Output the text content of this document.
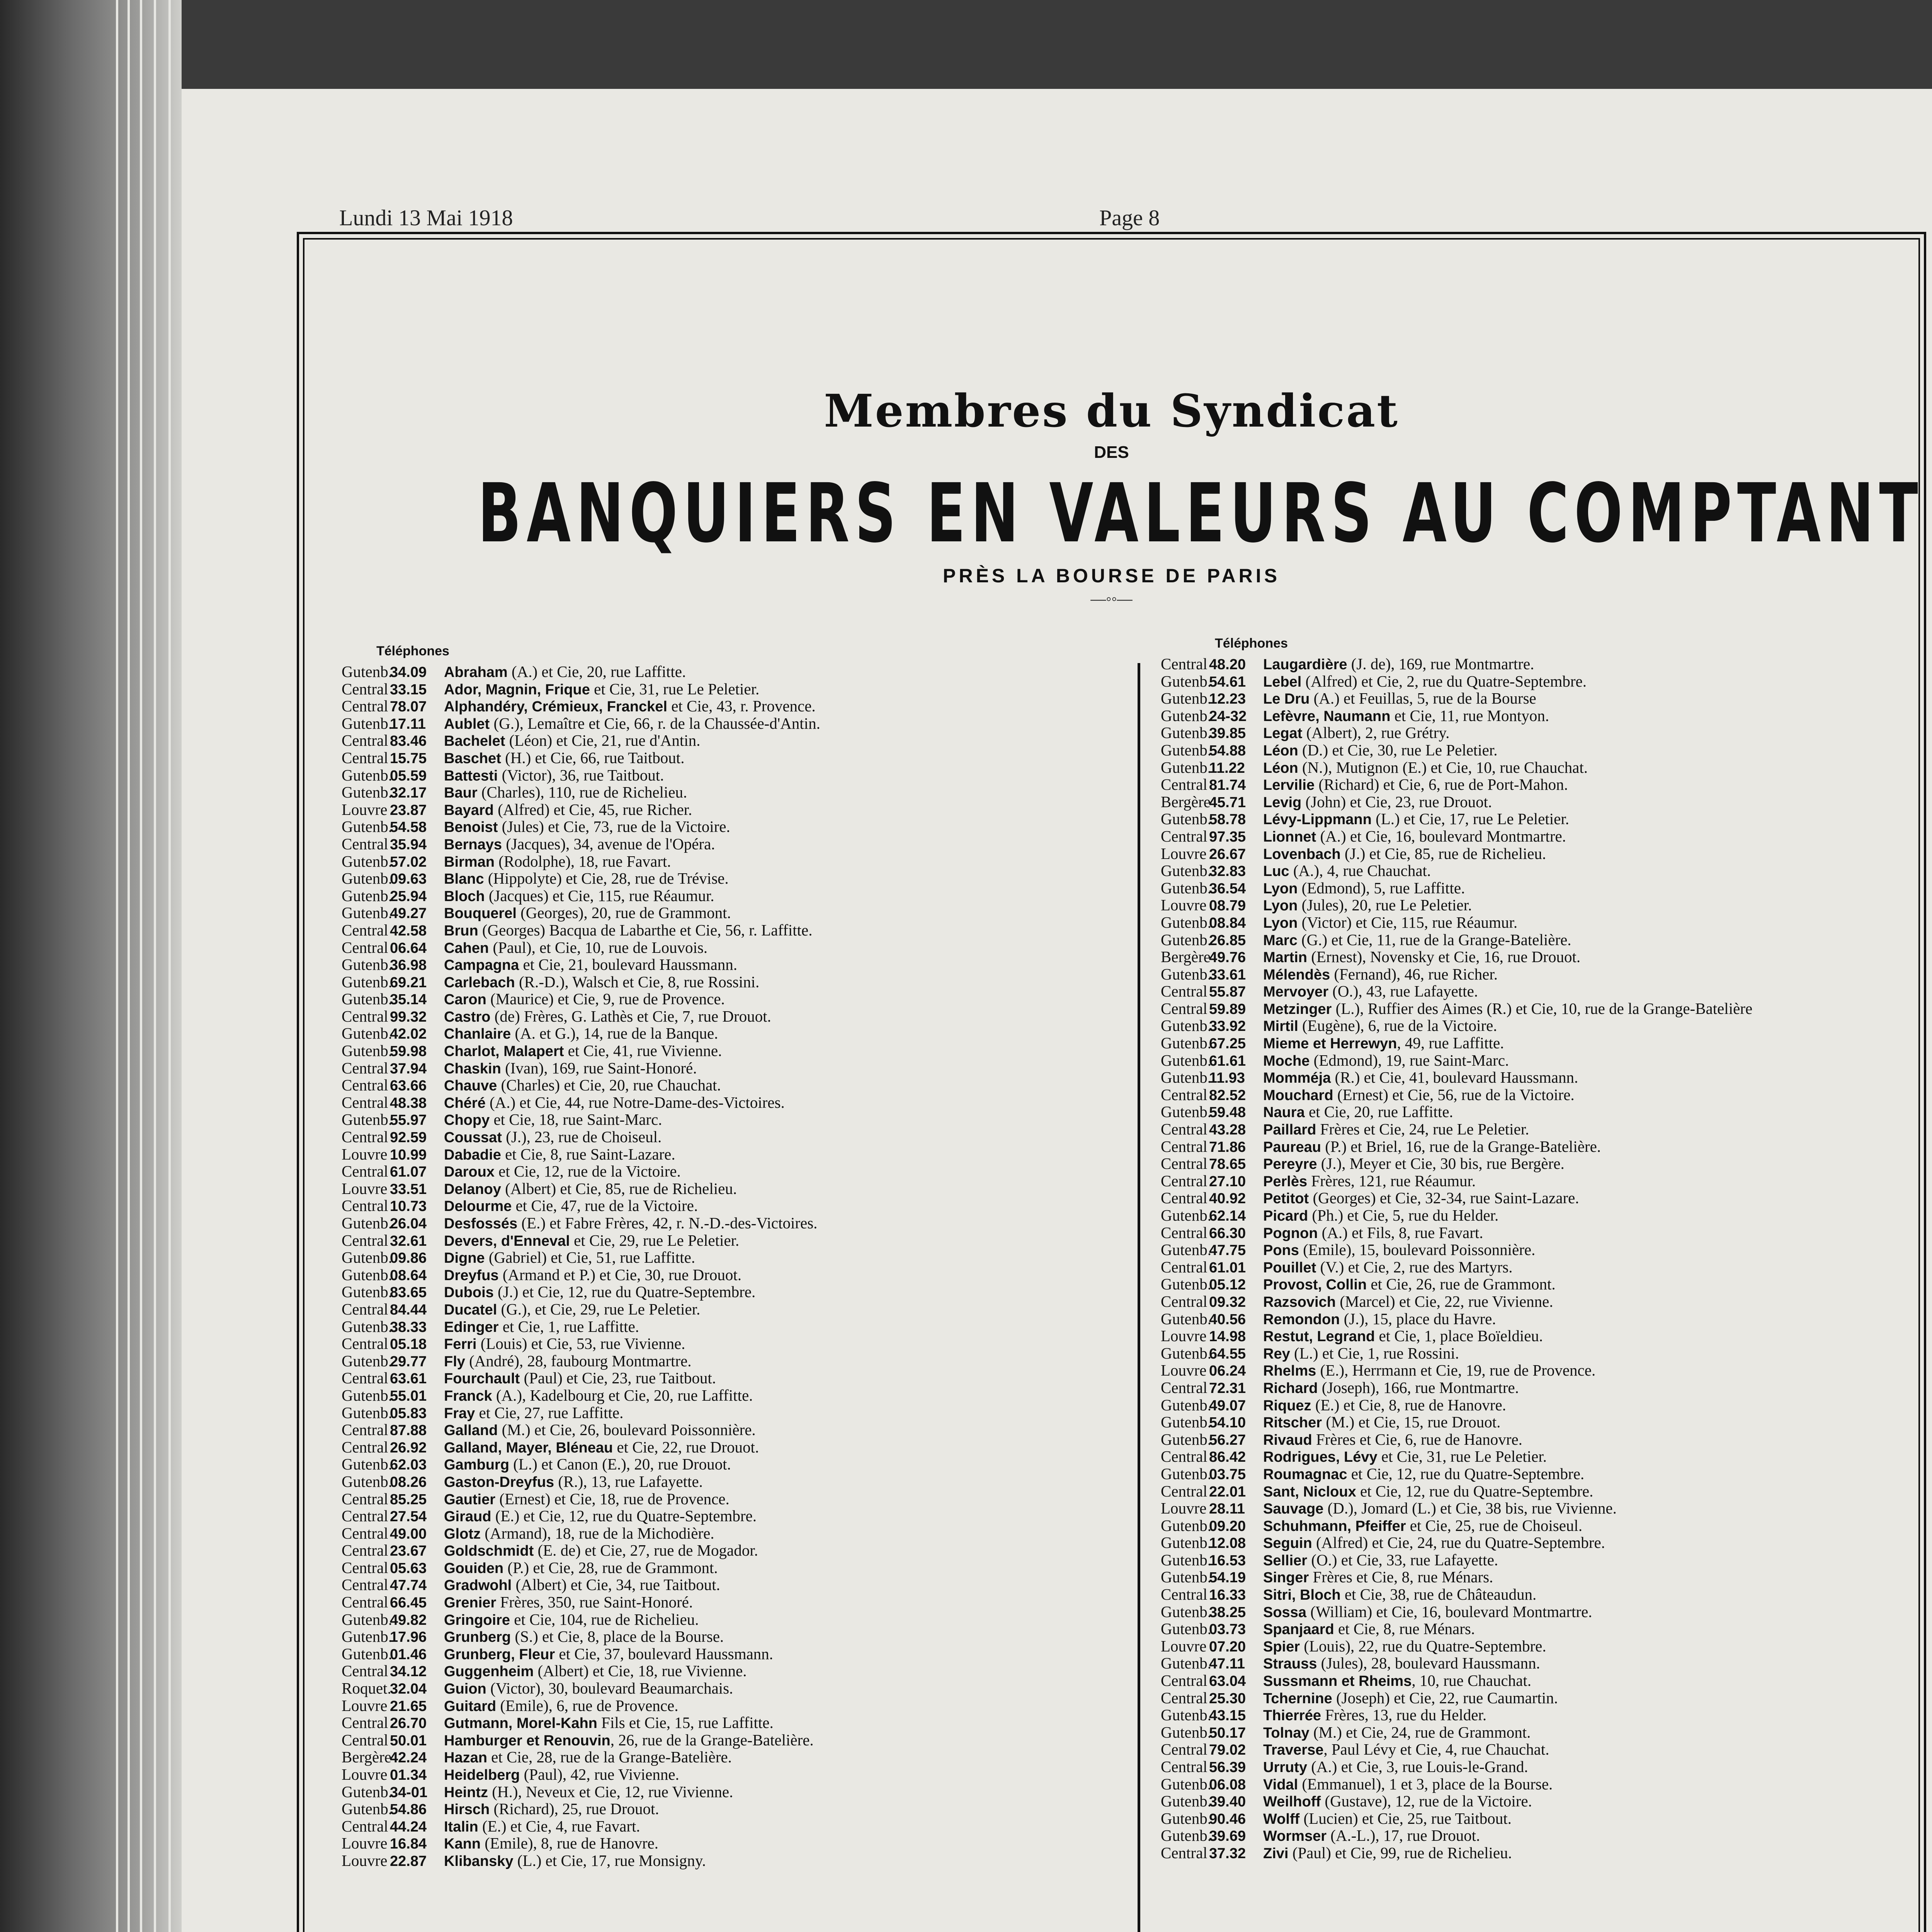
Lundi 13 Mai 1918	Page 8
Membres du Syndicat
DES
BANQUIERS EN VALEURS AU COMPTANT
PRÈS LA BOURSE DE PARIS
—◦◦—
Téléphones
Téléphones
Gutenb.34.09 Abraham (A.) et Cie, 20, rue Laffitte.
Central 33.15 Ador, Magnin, Frique et Cie, 31, rue Le Peletier.
Central 78.07 Alphandéry, Crémieux, Franckel et Cie, 43, r. Provence.
Gutenb.17.11 Aublet (G.), Lemaître et Cie, 66, r. de la Chaussée-d'Antin.
Central 83.46 Bachelet (Léon) et Cie, 21, rue d'Antin.
Central 15.75 Baschet (H.) et Cie, 66, rue Taitbout.
Gutenb.05.59 Battesti (Victor), 36, rue Taitbout.
Gutenb.32.17 Baur (Charles), 110, rue de Richelieu.
Louvre 23.87 Bayard (Alfred) et Cie, 45, rue Richer.
Gutenb.54.58 Benoist (Jules) et Cie, 73, rue de la Victoire.
Central 35.94 Bernays (Jacques), 34, avenue de l'Opéra.
Gutenb.57.02 Birman (Rodolphe), 18, rue Favart.
Gutenb.09.63 Blanc (Hippolyte) et Cie, 28, rue de Trévise.
Gutenb.25.94 Bloch (Jacques) et Cie, 115, rue Réaumur.
Gutenb.49.27 Bouquerel (Georges), 20, rue de Grammont.
Central 42.58 Brun (Georges) Bacqua de Labarthe et Cie, 56, r. Laffitte.
Central 06.64 Cahen (Paul), et Cie, 10, rue de Louvois.
Gutenb.36.98 Campagna et Cie, 21, boulevard Haussmann.
Gutenb.69.21 Carlebach (R.-D.), Walsch et Cie, 8, rue Rossini.
Gutenb.35.14 Caron (Maurice) et Cie, 9, rue de Provence.
Central 99.32 Castro (de) Frères, G. Lathès et Cie, 7, rue Drouot.
Gutenb.42.02 Chanlaire (A. et G.), 14, rue de la Banque.
Gutenb.59.98 Charlot, Malapert et Cie, 41, rue Vivienne.
Central 37.94 Chaskin (Ivan), 169, rue Saint-Honoré.
Central 63.66 Chauve (Charles) et Cie, 20, rue Chauchat.
Central 48.38 Chéré (A.) et Cie, 44, rue Notre-Dame-des-Victoires.
Gutenb.55.97 Chopy et Cie, 18, rue Saint-Marc.
Central 92.59 Coussat (J.), 23, rue de Choiseul.
Louvre 10.99 Dabadie et Cie, 8, rue Saint-Lazare.
Central 61.07 Daroux et Cie, 12, rue de la Victoire.
Louvre 33.51 Delanoy (Albert) et Cie, 85, rue de Richelieu.
Central 10.73 Delourme et Cie, 47, rue de la Victoire.
Gutenb.26.04 Desfossés (E.) et Fabre Frères, 42, r. N.-D.-des-Victoires.
Central 32.61 Devers, d'Enneval et Cie, 29, rue Le Peletier.
Gutenb.09.86 Digne (Gabriel) et Cie, 51, rue Laffitte.
Gutenb.08.64 Dreyfus (Armand et P.) et Cie, 30, rue Drouot.
Gutenb.83.65 Dubois (J.) et Cie, 12, rue du Quatre-Septembre.
Central 84.44 Ducatel (G.), et Cie, 29, rue Le Peletier.
Gutenb.38.33 Edinger et Cie, 1, rue Laffitte.
Central 05.18 Ferri (Louis) et Cie, 53, rue Vivienne.
Gutenb.29.77 Fly (André), 28, faubourg Montmartre.
Central 63.61 Fourchault (Paul) et Cie, 23, rue Taitbout.
Gutenb.55.01 Franck (A.), Kadelbourg et Cie, 20, rue Laffitte.
Gutenb.05.83 Fray et Cie, 27, rue Laffitte.
Central 87.88 Galland (M.) et Cie, 26, boulevard Poissonnière.
Central 26.92 Galland, Mayer, Bléneau et Cie, 22, rue Drouot.
Gutenb.62.03 Gamburg (L.) et Canon (E.), 20, rue Drouot.
Gutenb.08.26 Gaston-Dreyfus (R.), 13, rue Lafayette.
Central 85.25 Gautier (Ernest) et Cie, 18, rue de Provence.
Central 27.54 Giraud (E.) et Cie, 12, rue du Quatre-Septembre.
Central 49.00 Glotz (Armand), 18, rue de la Michodière.
Central 23.67 Goldschmidt (E. de) et Cie, 27, rue de Mogador.
Central 05.63 Gouiden (P.) et Cie, 28, rue de Grammont.
Central 47.74 Gradwohl (Albert) et Cie, 34, rue Taitbout.
Central 66.45 Grenier Frères, 350, rue Saint-Honoré.
Gutenb.49.82 Gringoire et Cie, 104, rue de Richelieu.
Gutenb.17.96 Grunberg (S.) et Cie, 8, place de la Bourse.
Gutenb.01.46 Grunberg, Fleur et Cie, 37, boulevard Haussmann.
Central 34.12 Guggenheim (Albert) et Cie, 18, rue Vivienne.
Roquet.32.04 Guion (Victor), 30, boulevard Beaumarchais.
Louvre 21.65 Guitard (Emile), 6, rue de Provence.
Central 26.70 Gutmann, Morel-Kahn Fils et Cie, 15, rue Laffitte.
Central 50.01 Hamburger et Renouvin, 26, rue de la Grange-Batelière.
Bergère42.24 Hazan et Cie, 28, rue de la Grange-Batelière.
Louvre 01.34 Heidelberg (Paul), 42, rue Vivienne.
Gutenb.34-01 Heintz (H.), Neveux et Cie, 12, rue Vivienne.
Gutenb.54.86 Hirsch (Richard), 25, rue Drouot.
Central 44.24 Italin (E.) et Cie, 4, rue Favart.
Louvre 16.84 Kann (Emile), 8, rue de Hanovre.
Louvre 22.87 Klibansky (L.) et Cie, 17, rue Monsigny.
Central 48.20 Laugardière (J. de), 169, rue Montmartre.
Gutenb.54.61 Lebel (Alfred) et Cie, 2, rue du Quatre-Septembre.
Gutenb.12.23 Le Dru (A.) et Feuillas, 5, rue de la Bourse
Gutenb.24-32 Lefèvre, Naumann et Cie, 11, rue Montyon.
Gutenb.39.85 Legat (Albert), 2, rue Grétry.
Gutenb.54.88 Léon (D.) et Cie, 30, rue Le Peletier.
Gutenb.11.22 Léon (N.), Mutignon (E.) et Cie, 10, rue Chauchat.
Central 81.74 Lervilie (Richard) et Cie, 6, rue de Port-Mahon.
Bergère45.71 Levig (John) et Cie, 23, rue Drouot.
Gutenb.58.78 Lévy-Lippmann (L.) et Cie, 17, rue Le Peletier.
Central 97.35 Lionnet (A.) et Cie, 16, boulevard Montmartre.
Louvre 26.67 Lovenbach (J.) et Cie, 85, rue de Richelieu.
Gutenb.32.83 Luc (A.), 4, rue Chauchat.
Gutenb.36.54 Lyon (Edmond), 5, rue Laffitte.
Louvre 08.79 Lyon (Jules), 20, rue Le Peletier.
Gutenb.08.84 Lyon (Victor) et Cie, 115, rue Réaumur.
Gutenb.26.85 Marc (G.) et Cie, 11, rue de la Grange-Batelière.
Bergère49.76 Martin (Ernest), Novensky et Cie, 16, rue Drouot.
Gutenb.33.61 Mélendès (Fernand), 46, rue Richer.
Central 55.87 Mervoyer (O.), 43, rue Lafayette.
Central 59.89 Metzinger (L.), Ruffier des Aimes (R.) et Cie, 10, rue de la Grange-Batelière
Gutenb.33.92 Mirtil (Eugène), 6, rue de la Victoire.
Gutenb.67.25 Mieme et Herrewyn, 49, rue Laffitte.
Gutenb.61.61 Moche (Edmond), 19, rue Saint-Marc.
Gutenb.11.93 Momméja (R.) et Cie, 41, boulevard Haussmann.
Central 82.52 Mouchard (Ernest) et Cie, 56, rue de la Victoire.
Gutenb.59.48 Naura et Cie, 20, rue Laffitte.
Central 43.28 Paillard Frères et Cie, 24, rue Le Peletier.
Central 71.86 Paureau (P.) et Briel, 16, rue de la Grange-Batelière.
Central 78.65 Pereyre (J.), Meyer et Cie, 30 bis, rue Bergère.
Central 27.10 Perlès Frères, 121, rue Réaumur.
Central 40.92 Petitot (Georges) et Cie, 32-34, rue Saint-Lazare.
Gutenb.62.14 Picard (Ph.) et Cie, 5, rue du Helder.
Central 66.30 Pognon (A.) et Fils, 8, rue Favart.
Gutenb.47.75 Pons (Emile), 15, boulevard Poissonnière.
Central 61.01 Pouillet (V.) et Cie, 2, rue des Martyrs.
Gutenb.05.12 Provost, Collin et Cie, 26, rue de Grammont.
Central 09.32 Razsovich (Marcel) et Cie, 22, rue Vivienne.
Gutenb.40.56 Remondon (J.), 15, place du Havre.
Louvre 14.98 Restut, Legrand et Cie, 1, place Boïeldieu.
Gutenb.64.55 Rey (L.) et Cie, 1, rue Rossini.
Louvre 06.24 Rhelms (E.), Herrmann et Cie, 19, rue de Provence.
Central 72.31 Richard (Joseph), 166, rue Montmartre.
Gutenb.49.07 Riquez (E.) et Cie, 8, rue de Hanovre.
Gutenb.54.10 Ritscher (M.) et Cie, 15, rue Drouot.
Gutenb.56.27 Rivaud Frères et Cie, 6, rue de Hanovre.
Central 86.42 Rodrigues, Lévy et Cie, 31, rue Le Peletier.
Gutenb.03.75 Roumagnac et Cie, 12, rue du Quatre-Septembre.
Central 22.01 Sant, Nicloux et Cie, 12, rue du Quatre-Septembre.
Louvre 28.11 Sauvage (D.), Jomard (L.) et Cie, 38 bis, rue Vivienne.
Gutenb.09.20 Schuhmann, Pfeiffer et Cie, 25, rue de Choiseul.
Gutenb.12.08 Seguin (Alfred) et Cie, 24, rue du Quatre-Septembre.
Gutenb.16.53 Sellier (O.) et Cie, 33, rue Lafayette.
Gutenb.54.19 Singer Frères et Cie, 8, rue Ménars.
Central 16.33 Sitri, Bloch et Cie, 38, rue de Châteaudun.
Gutenb.38.25 Sossa (William) et Cie, 16, boulevard Montmartre.
Gutenb.03.73 Spanjaard et Cie, 8, rue Ménars.
Louvre 07.20 Spier (Louis), 22, rue du Quatre-Septembre.
Gutenb.47.11 Strauss (Jules), 28, boulevard Haussmann.
Central 63.04 Sussmann et Rheims, 10, rue Chauchat.
Central 25.30 Tchernine (Joseph) et Cie, 22, rue Caumartin.
Gutenb.43.15 Thierrée Frères, 13, rue du Helder.
Gutenb.50.17 Tolnay (M.) et Cie, 24, rue de Grammont.
Central 79.02 Traverse, Paul Lévy et Cie, 4, rue Chauchat.
Central 56.39 Urruty (A.) et Cie, 3, rue Louis-le-Grand.
Gutenb.06.08 Vidal (Emmanuel), 1 et 3, place de la Bourse.
Gutenb.39.40 Weilhoff (Gustave), 12, rue de la Victoire.
Gutenb.90.46 Wolff (Lucien) et Cie, 25, rue Taitbout.
Gutenb.39.69 Wormser (A.-L.), 17, rue Drouot.
Central 37.32 Zivi (Paul) et Cie, 99, rue de Richelieu.
